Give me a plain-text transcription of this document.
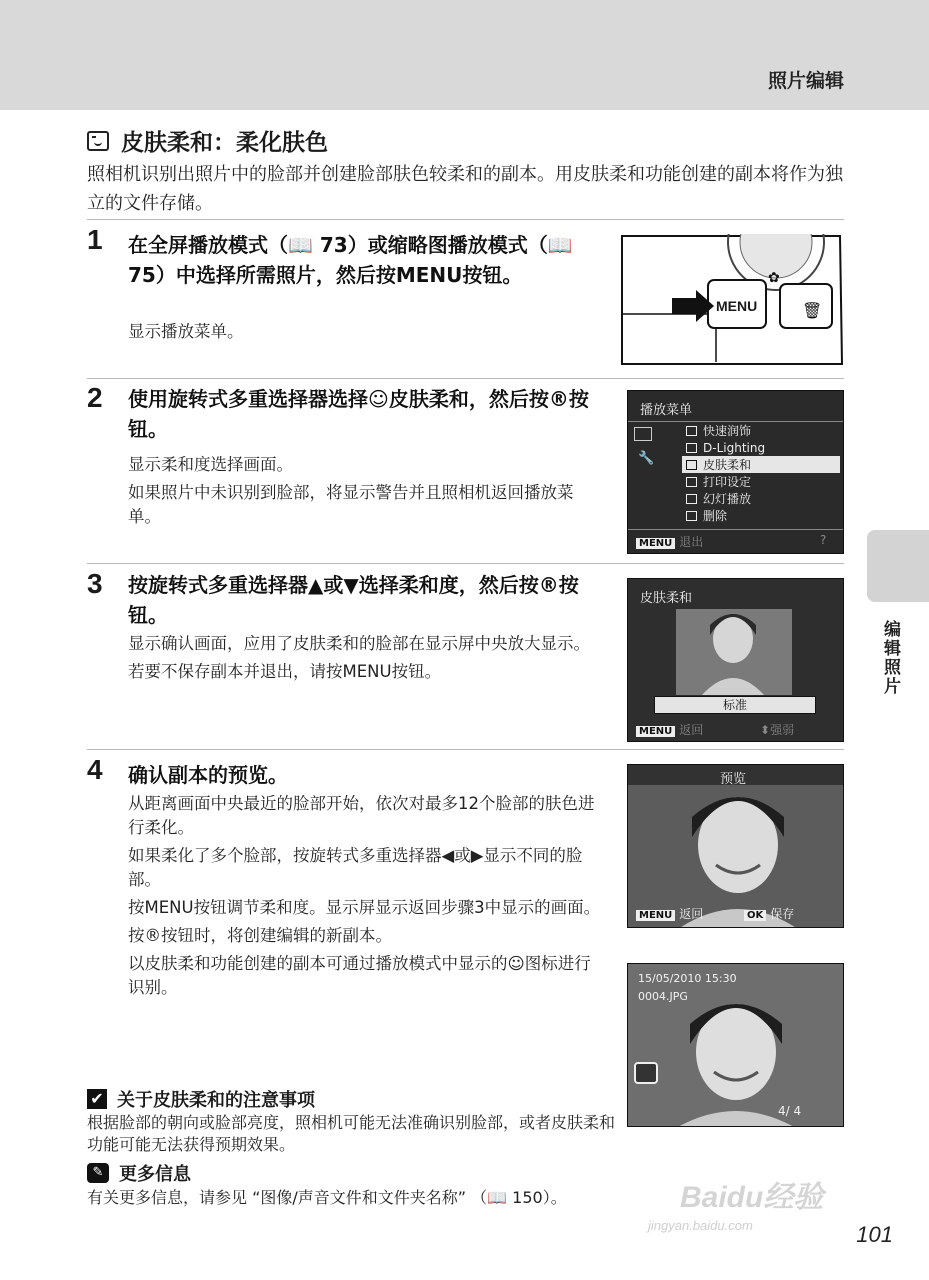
照片编辑
编辑照片
皮肤柔和：柔化肤色
照相机识别出照片中的脸部并创建脸部肤色较柔和的副本。用皮肤柔和功能创建的副本将作为独立的文件存储。
1 在全屏播放模式（📖 73）或缩略图播放模式（📖 75）中选择所需照片，然后按MENU按钮。

显示播放菜单。

🗑
✿
MENU
2 使用旋转式多重选择器选择☺皮肤柔和，然后按®按钮。

显示柔和度选择画面。

如果照片中未识别到脸部，将显示警告并且照相机返回播放菜单。

播放菜单
🔧
快速润饰
D-Lighting
皮肤柔和
打印设定
幻灯播放
删除
MENU 退出	?
3 按旋转式多重选择器▲或▼选择柔和度，然后按®按钮。

显示确认画面，应用了皮肤柔和的脸部在显示屏中央放大显示。

若要不保存副本并退出，请按MENU按钮。

皮肤柔和
标准
MENU 返回	⬍强弱
4 确认副本的预览。

从距离画面中央最近的脸部开始，依次对最多12个脸部的肤色进行柔化。

如果柔化了多个脸部，按旋转式多重选择器◀或▶显示不同的脸部。

按MENU按钮调节柔和度。显示屏显示返回步骤3中显示的画面。

按®按钮时，将创建编辑的新副本。

以皮肤柔和功能创建的副本可通过播放模式中显示的☺图标进行识别。

预览
MENU 返回	OK 保存
15/05/2010 15:30
0004.JPG
4/ 4
✔ 关于皮肤柔和的注意事项
根据脸部的朝向或脸部亮度，照相机可能无法准确识别脸部，或者皮肤柔和功能可能无法获得预期效果。
✎ 更多信息
有关更多信息，请参见 “图像/声音文件和文件夹名称” （📖 150）。	Baidu经验
jingyan.baidu.com	101
